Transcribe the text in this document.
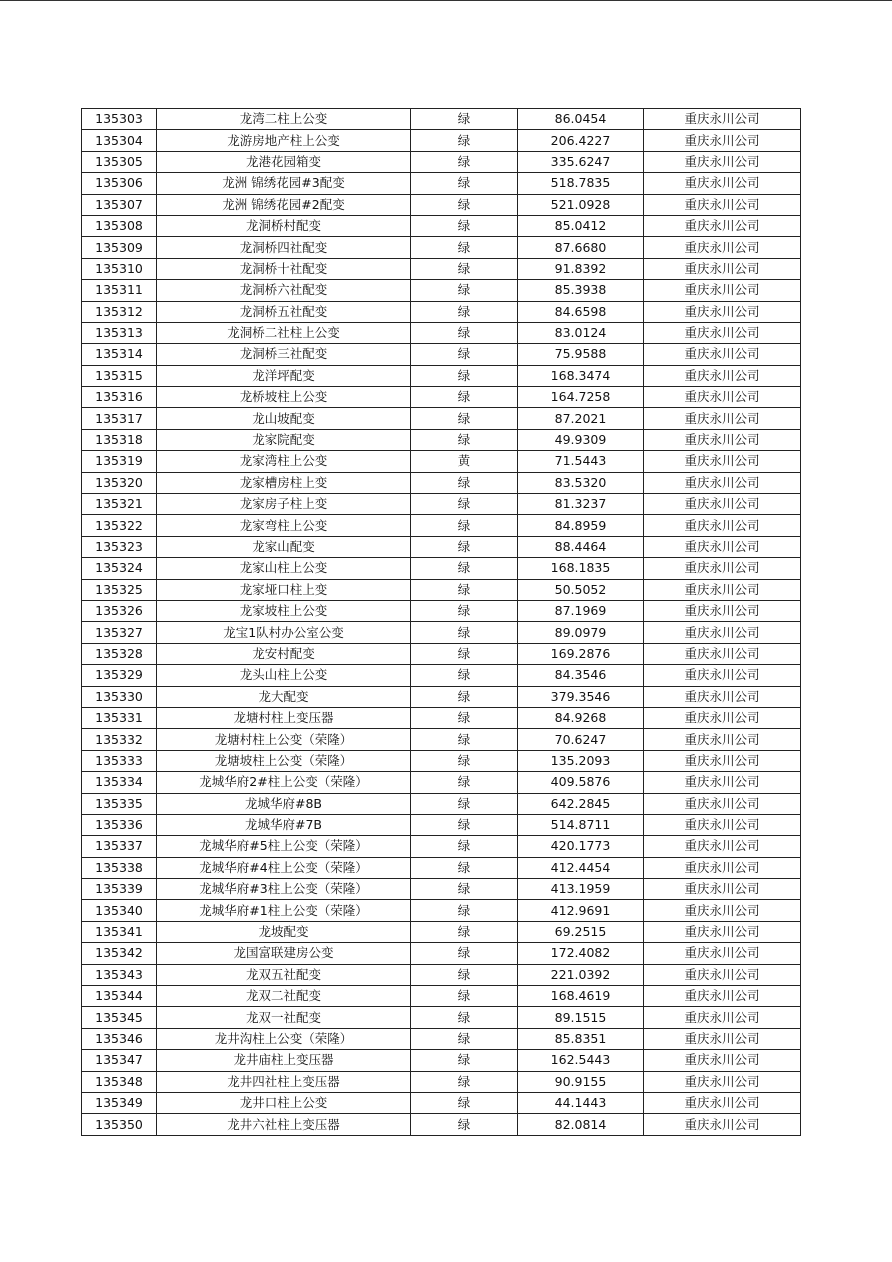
135303	龙湾二柱上公变	绿	86.0454	重庆永川公司
135304	龙游房地产柱上公变	绿	206.4227	重庆永川公司
135305	龙港花园箱变	绿	335.6247	重庆永川公司
135306	龙洲 锦绣花园#3配变	绿	518.7835	重庆永川公司
135307	龙洲 锦绣花园#2配变	绿	521.0928	重庆永川公司
135308	龙洞桥村配变	绿	85.0412	重庆永川公司
135309	龙洞桥四社配变	绿	87.6680	重庆永川公司
135310	龙洞桥十社配变	绿	91.8392	重庆永川公司
135311	龙洞桥六社配变	绿	85.3938	重庆永川公司
135312	龙洞桥五社配变	绿	84.6598	重庆永川公司
135313	龙洞桥二社柱上公变	绿	83.0124	重庆永川公司
135314	龙洞桥三社配变	绿	75.9588	重庆永川公司
135315	龙洋坪配变	绿	168.3474	重庆永川公司
135316	龙桥坡柱上公变	绿	164.7258	重庆永川公司
135317	龙山坡配变	绿	87.2021	重庆永川公司
135318	龙家院配变	绿	49.9309	重庆永川公司
135319	龙家湾柱上公变	黄	71.5443	重庆永川公司
135320	龙家槽房柱上变	绿	83.5320	重庆永川公司
135321	龙家房子柱上变	绿	81.3237	重庆永川公司
135322	龙家弯柱上公变	绿	84.8959	重庆永川公司
135323	龙家山配变	绿	88.4464	重庆永川公司
135324	龙家山柱上公变	绿	168.1835	重庆永川公司
135325	龙家垭口柱上变	绿	50.5052	重庆永川公司
135326	龙家坡柱上公变	绿	87.1969	重庆永川公司
135327	龙宝1队村办公室公变	绿	89.0979	重庆永川公司
135328	龙安村配变	绿	169.2876	重庆永川公司
135329	龙头山柱上公变	绿	84.3546	重庆永川公司
135330	龙大配变	绿	379.3546	重庆永川公司
135331	龙塘村柱上变压器	绿	84.9268	重庆永川公司
135332	龙塘村柱上公变（荣隆）	绿	70.6247	重庆永川公司
135333	龙塘坡柱上公变（荣隆）	绿	135.2093	重庆永川公司
135334	龙城华府2#柱上公变（荣隆）	绿	409.5876	重庆永川公司
135335	龙城华府#8B	绿	642.2845	重庆永川公司
135336	龙城华府#7B	绿	514.8711	重庆永川公司
135337	龙城华府#5柱上公变（荣隆）	绿	420.1773	重庆永川公司
135338	龙城华府#4柱上公变（荣隆）	绿	412.4454	重庆永川公司
135339	龙城华府#3柱上公变（荣隆）	绿	413.1959	重庆永川公司
135340	龙城华府#1柱上公变（荣隆）	绿	412.9691	重庆永川公司
135341	龙坡配变	绿	69.2515	重庆永川公司
135342	龙国富联建房公变	绿	172.4082	重庆永川公司
135343	龙双五社配变	绿	221.0392	重庆永川公司
135344	龙双二社配变	绿	168.4619	重庆永川公司
135345	龙双一社配变	绿	89.1515	重庆永川公司
135346	龙井沟柱上公变（荣隆）	绿	85.8351	重庆永川公司
135347	龙井庙柱上变压器	绿	162.5443	重庆永川公司
135348	龙井四社柱上变压器	绿	90.9155	重庆永川公司
135349	龙井口柱上公变	绿	44.1443	重庆永川公司
135350	龙井六社柱上变压器	绿	82.0814	重庆永川公司
